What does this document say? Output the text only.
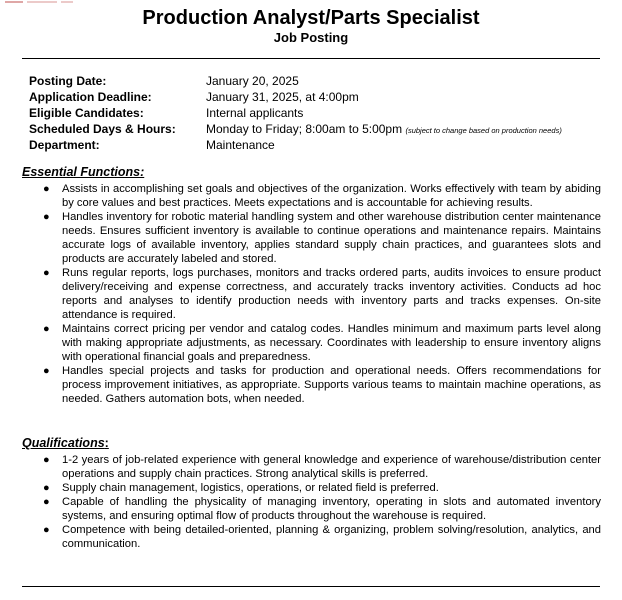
Production Analyst/Parts Specialist
Job Posting
Posting Date:	January 20, 2025
Application Deadline:	January 31, 2025, at 4:00pm
Eligible Candidates:	Internal applicants
Scheduled Days & Hours:	Monday to Friday; 8:00am to 5:00pm (subject to change based on production needs)
Department:	Maintenance
Essential Functions:
● Assists in accomplishing set goals and objectives of the organization. Works effectively with team by abiding by core values and best practices. Meets expectations and is accountable for achieving results.
● Handles inventory for robotic material handling system and other warehouse distribution center maintenance needs. Ensures sufficient inventory is available to continue operations and maintenance repairs. Maintains accurate logs of available inventory, applies standard supply chain practices, and guarantees slots and products are accurately labeled and stored.
● Runs regular reports, logs purchases, monitors and tracks ordered parts, audits invoices to ensure product delivery/receiving and expense correctness, and accurately tracks inventory activities. Conducts ad hoc reports and analyses to identify production needs with inventory parts and tracks expenses. On-site attendance is required.
● Maintains correct pricing per vendor and catalog codes. Handles minimum and maximum parts level along with making appropriate adjustments, as necessary. Coordinates with leadership to ensure inventory aligns with operational financial goals and preparedness.
● Handles special projects and tasks for production and operational needs. Offers recommendations for process improvement initiatives, as appropriate. Supports various teams to maintain machine operations, as needed. Gathers automation bots, when needed.
Qualifications:
● 1-2 years of job-related experience with general knowledge and experience of warehouse/distribution center operations and supply chain practices. Strong analytical skills is preferred.
● Supply chain management, logistics, operations, or related field is preferred.
● Capable of handling the physicality of managing inventory, operating in slots and automated inventory systems, and ensuring optimal flow of products throughout the warehouse is required.
● Competence with being detailed-oriented, planning & organizing, problem solving/resolution, analytics, and communication.
